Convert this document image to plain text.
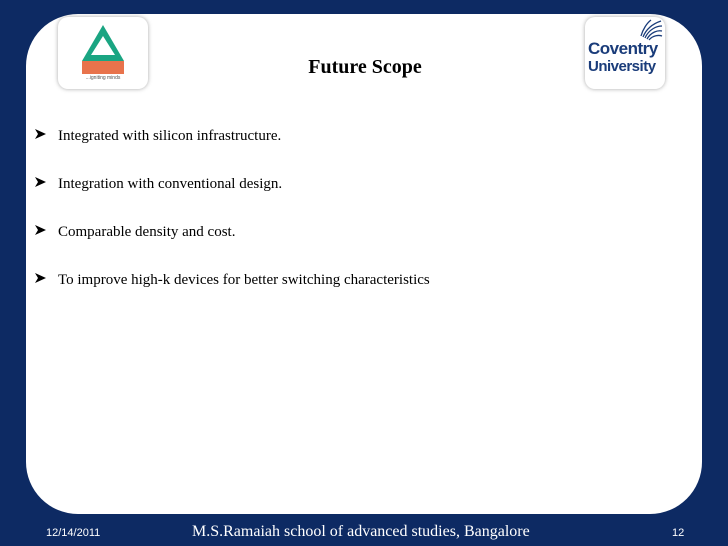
...igniting minds
Coventry
University
Future Scope
Integrated with silicon infrastructure.
Integration with conventional design.
Comparable density and cost.
To improve high-k devices for better switching characteristics
12/14/2011	M.S.Ramaiah school of advanced studies, Bangalore	12
